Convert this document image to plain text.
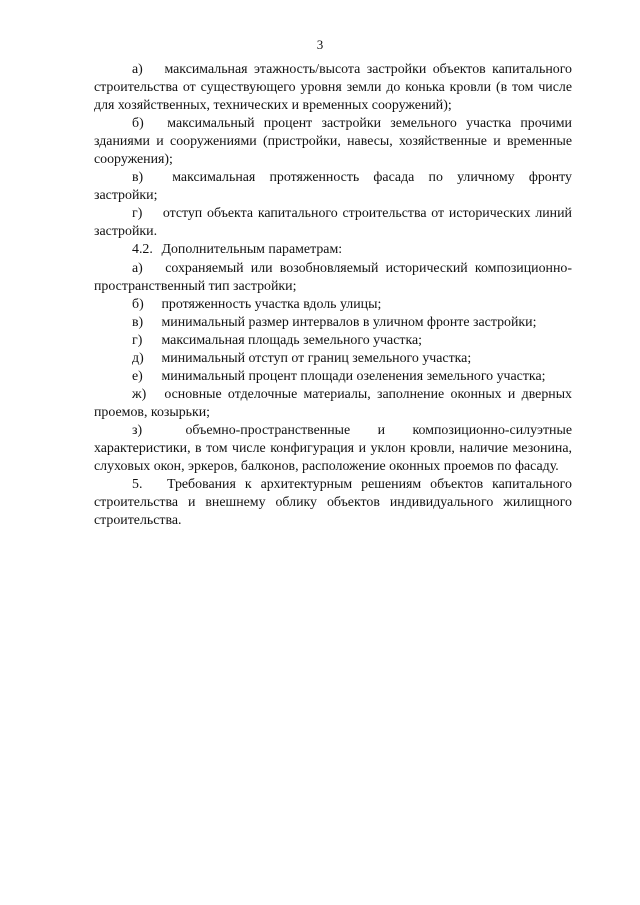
3

а) максимальная этажность/высота застройки объектов капитального строительства от существующего уровня земли до конька кровли (в том числе для хозяйственных, технических и временных сооружений);

б) максимальный процент застройки земельного участка прочими зданиями и сооружениями (пристройки, навесы, хозяйственные и временные сооружения);

в) максимальная протяженность фасада по уличному фронту застройки;

г) отступ объекта капитального строительства от исторических линий застройки.

4.2. Дополнительным параметрам:

а) сохраняемый или возобновляемый исторический композиционно-пространственный тип застройки;

б) протяженность участка вдоль улицы;

в) минимальный размер интервалов в уличном фронте застройки;

г) максимальная площадь земельного участка;

д) минимальный отступ от границ земельного участка;

е) минимальный процент площади озеленения земельного участка;

ж) основные отделочные материалы, заполнение оконных и дверных проемов, козырьки;

з)	объемно-пространственные и композиционно-силуэтные характеристики, в том числе конфигурация и уклон кровли, наличие мезонина, слуховых окон, эркеров, балконов, расположение оконных проемов по фасаду.

5. Требования к архитектурным решениям объектов капитального строительства и внешнему облику объектов индивидуального жилищного строительства.
